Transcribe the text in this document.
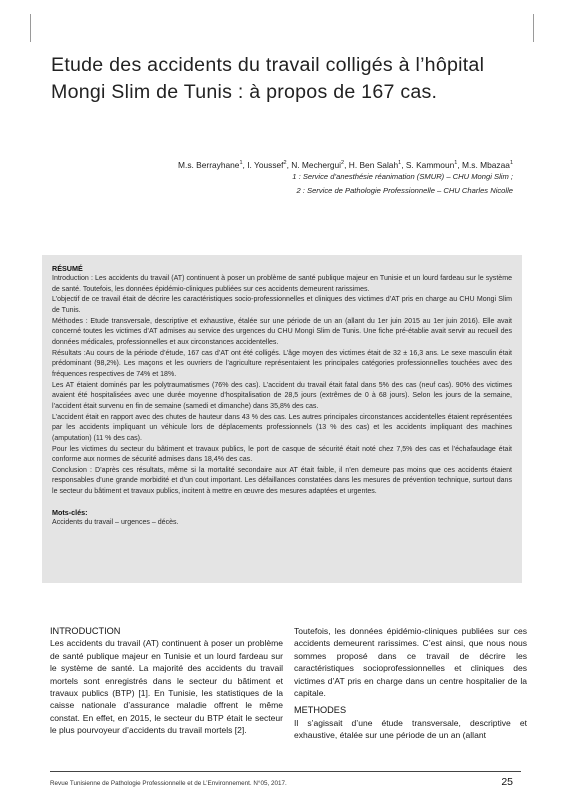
Etude des accidents du travail colligés à l’hôpital Mongi Slim de Tunis : à propos de 167 cas.
M.s. Berrayhane$^1$, I. Youssef$^2$, N. Mechergui$^2$, H. Ben Salah$^1$, S. Kammoun$^1$, M.s. Mbazaa$^1$
1 : Service d’anesthésie réanimation (SMUR) – CHU Mongi Slim ;
2 : Service de Pathologie Professionnelle – CHU Charles Nicolle
RÉSUMÉ

Introduction : Les accidents du travail (AT) continuent à poser un problème de santé publique majeur en Tunisie et un lourd fardeau sur le système de santé. Toutefois, les données épidémio-cliniques publiées sur ces accidents demeurent rarissimes.

L’objectif de ce travail était de décrire les caractéristiques socio-professionnelles et cliniques des victimes d’AT pris en charge au CHU Mongi Slim de Tunis.

Méthodes : Etude transversale, descriptive et exhaustive, étalée sur une période de un an (allant du 1er juin 2015 au 1er juin 2016). Elle avait concerné toutes les victimes d’AT admises au service des urgences du CHU Mongi Slim de Tunis. Une fiche pré-établie avait servir au recueil des données médicales, professionnelles et aux circonstances accidentelles.

Résultats :Au cours de la période d’étude, 167 cas d’AT ont été colligés. L’âge moyen des victimes était de 32 ± 16,3 ans. Le sexe masculin était prédominant (98,2%). Les maçons et les ouvriers de l’agriculture représentaient les principales catégories professionnelles touchées avec des fréquences respectives de 74% et 18%.

Les AT étaient dominés par les polytraumatismes (76% des cas). L’accident du travail était fatal dans 5% des cas (neuf cas). 90% des victimes avaient été hospitalisées avec une durée moyenne d’hospitalisation de 28,5 jours (extrêmes de 0 à 68 jours). Selon les jours de la semaine, l’accident était survenu en fin de semaine (samedi et dimanche) dans 35,8% des cas.

L’accident était en rapport avec des chutes de hauteur dans 43 % des cas. Les autres principales circonstances accidentelles étaient représentées par les accidents impliquant un véhicule lors de déplacements professionnels (13 % des cas) et les accidents impliquant des machines (amputation) (11 % des cas).

Pour les victimes du secteur du bâtiment et travaux publics, le port de casque de sécurité était noté chez 7,5% des cas et l’échafaudage était conforme aux normes de sécurité admises dans 18,4% des cas.

Conclusion : D’après ces résultats, même si la mortalité secondaire aux AT était faible, il n’en demeure pas moins que ces accidents étaient responsables d’une grande morbidité et d’un cout important. Les défaillances constatées dans les mesures de prévention technique, surtout dans le secteur du bâtiment et travaux publics, incitent à mettre en œuvre des mesures adaptées et urgentes.

Mots-clés:
Accidents du travail – urgences – décès.
INTRODUCTION

Les accidents du travail (AT) continuent à poser un problème de santé publique majeur en Tunisie et un lourd fardeau sur le système de santé. La majorité des accidents du travail mortels sont enregistrés dans le secteur du bâtiment et travaux publics (BTP) [1]. En Tunisie, les statistiques de la caisse nationale d’assurance maladie offrent le même constat. En effet, en 2015, le secteur du BTP était le secteur le plus pourvoyeur d’accidents du travail mortels [2].

Toutefois, les données épidémio-cliniques publiées sur ces accidents demeurent rarissimes. C’est ainsi, que nous nous sommes proposé dans ce travail de décrire les caractéristiques socioprofessionnelles et cliniques des victimes d’AT pris en charge dans un centre hospitalier de la capitale.

METHODES

Il s’agissait d’une étude transversale, descriptive et exhaustive, étalée sur une période de un an (allant

Revue Tunisienne de Pathologie Professionnelle et de L’Environnement. N°05, 2017.	25
